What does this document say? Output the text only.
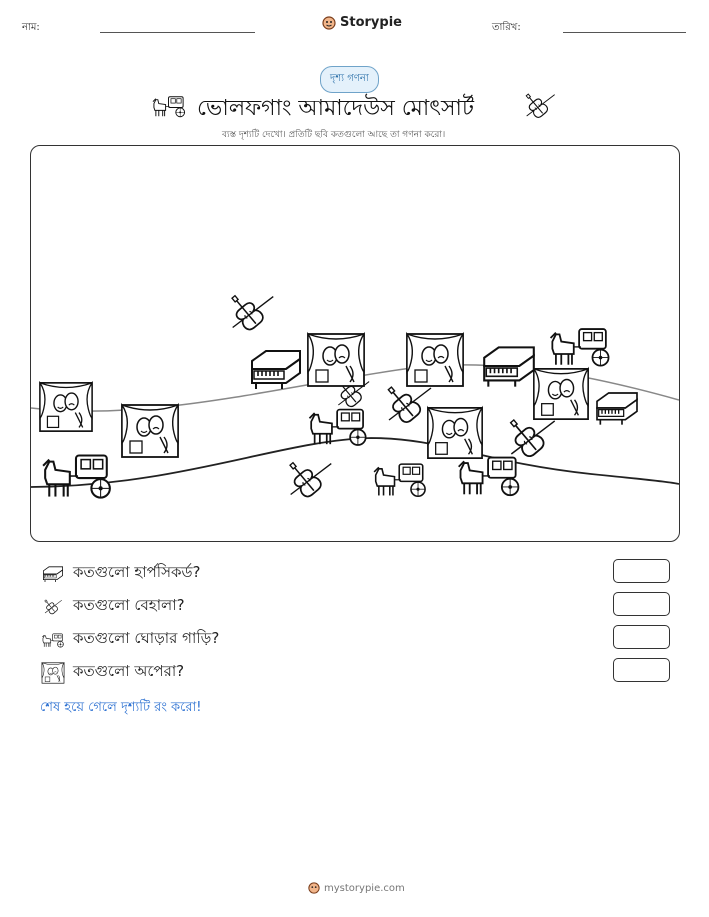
নাম:	Storypie	তারিখ:
দৃশ্য গণনা
ভোলফগাং আমাদেউস মোৎসার্ট
ব্যস্ত দৃশ্যটি দেখো। প্রতিটি ছবি কতগুলো আছে তা গণনা করো।
কতগুলো হার্পসিকর্ড?
কতগুলো বেহালা?
কতগুলো ঘোড়ার গাড়ি?
কতগুলো অপেরা?
শেষ হয়ে গেলে দৃশ্যটি রং করো!
mystorypie.com
